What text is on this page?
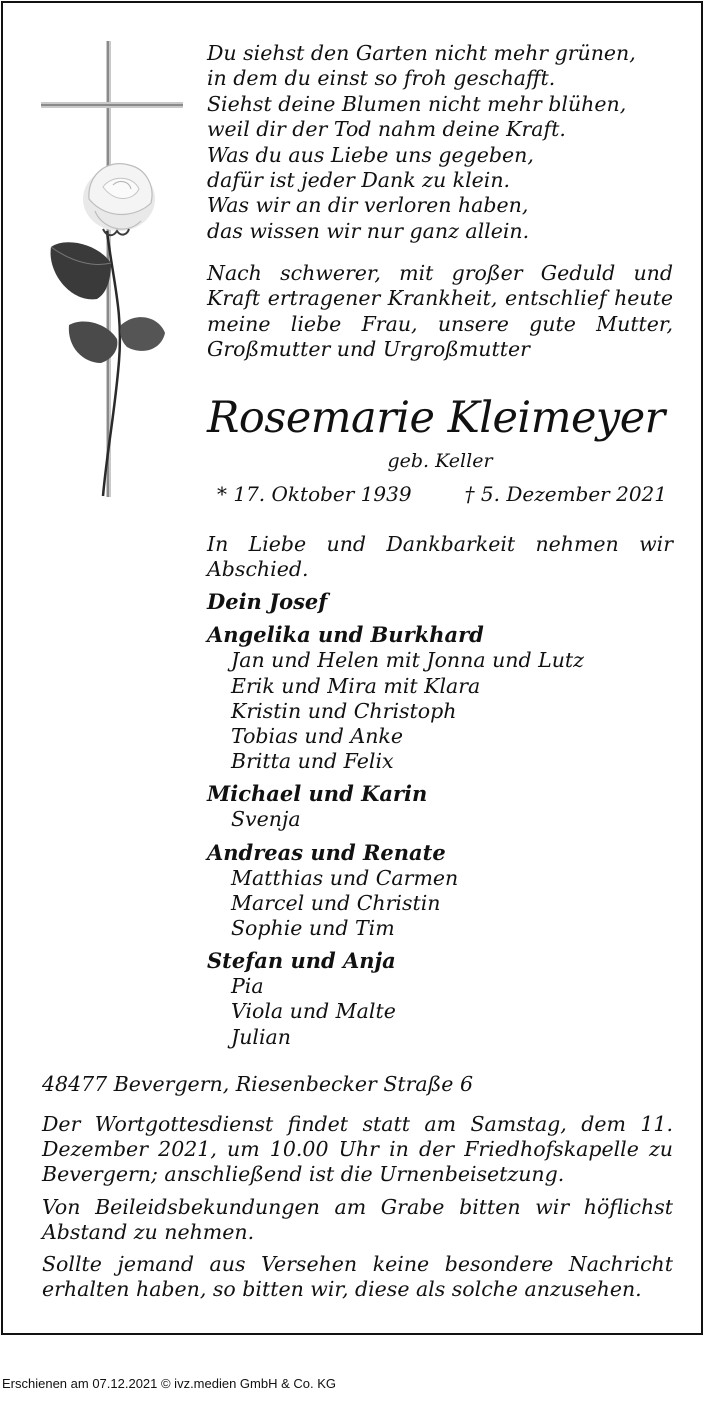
Du siehst den Garten nicht mehr grünen,
in dem du einst so froh geschafft.
Siehst deine Blumen nicht mehr blühen,
weil dir der Tod nahm deine Kraft.
Was du aus Liebe uns gegeben,
dafür ist jeder Dank zu klein.
Was wir an dir verloren haben,
das wissen wir nur ganz allein.
Nach schwerer, mit großer Geduld und Kraft ertragener Krankheit, entschlief heute meine liebe Frau, unsere gute Mutter, Großmutter und Urgroßmutter
Rosemarie Kleimeyer
geb. Keller
* 17. Oktober 1939	† 5. Dezember 2021
In Liebe und Dankbarkeit nehmen wir Abschied.
Dein Josef
Angelika und Burkhard
Jan und Helen mit Jonna und Lutz
Erik und Mira mit Klara
Kristin und Christoph
Tobias und Anke
Britta und Felix
Michael und Karin
Svenja
Andreas und Renate
Matthias und Carmen
Marcel und Christin
Sophie und Tim
Stefan und Anja
Pia
Viola und Malte
Julian
48477 Bevergern, Riesenbecker Straße 6

Der Wortgottesdienst findet statt am Samstag, dem 11. Dezember 2021, um 10.00 Uhr in der Friedhofskapelle zu Bevergern; anschließend ist die Urnenbeisetzung.

Von Beileidsbekundungen am Grabe bitten wir höflichst Abstand zu nehmen.

Sollte jemand aus Versehen keine besondere Nachricht erhalten haben, so bitten wir, diese als solche anzusehen.

Erschienen am 07.12.2021 © ivz.medien GmbH & Co. KG
